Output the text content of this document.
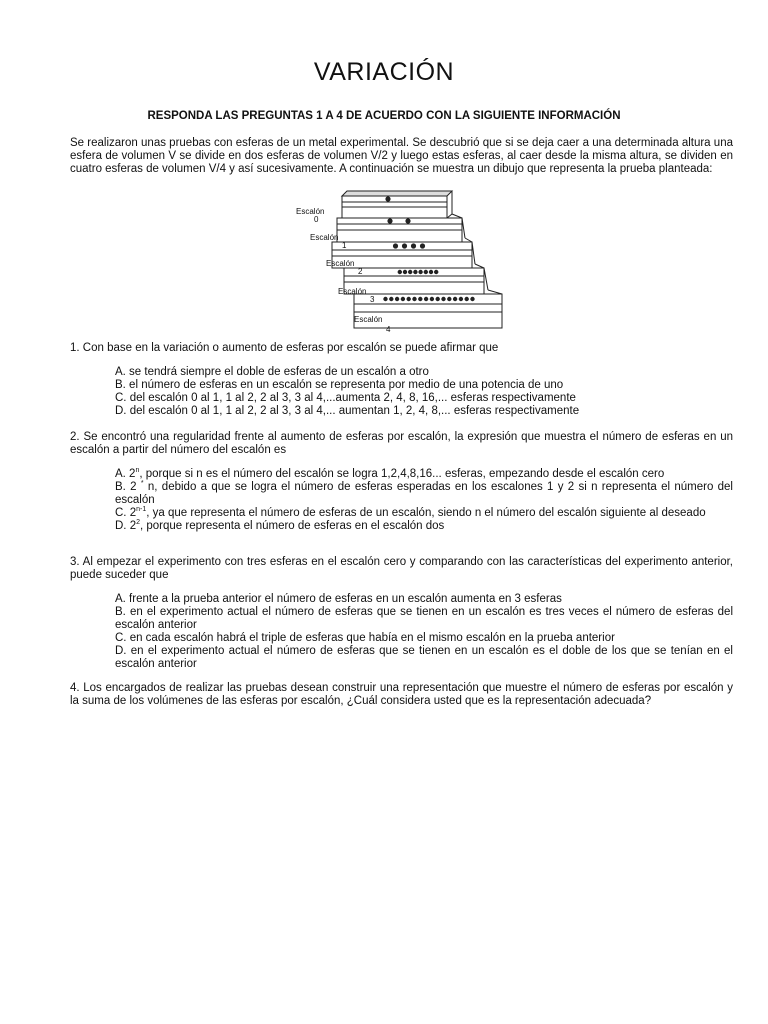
VARIACIÓN
RESPONDA LAS PREGUNTAS 1 A 4 DE ACUERDO CON LA SIGUIENTE INFORMACIÓN
Se realizaron unas pruebas con esferas de un metal experimental. Se descubrió que si se deja caer a una determinada altura una esfera de volumen V se divide en dos esferas de volumen V/2 y luego estas esferas, al caer desde la misma altura, se dividen en cuatro esferas de volumen V/4 y así sucesivamente. A continuación se muestra un dibujo que representa la prueba planteada:
Escalón
0
Escalón
1
Escalón
2
Escalón
3
Escalón
4
1. Con base en la variación o aumento de esferas por escalón se puede afirmar que
A. se tendrá siempre el doble de esferas de un escalón a otro
B. el número de esferas en un escalón se representa por medio de una potencia de uno
C. del escalón 0 al 1, 1 al 2, 2 al 3, 3 al 4,...aumenta 2, 4, 8, 16,... esferas respectivamente
D. del escalón 0 al 1, 1 al 2, 2 al 3, 3 al 4,... aumentan 1, 2, 4, 8,... esferas respectivamente
2. Se encontró una regularidad frente al aumento de esferas por escalón, la expresión que muestra el número de esferas en un escalón a partir del número del escalón es
A. 2$^n$, porque si n es el número del escalón se logra 1,2,4,8,16... esferas, empezando desde el escalón cero
B. 2 * n, debido a que se logra el número de esferas esperadas en los escalones 1 y 2 si n representa el número del escalón
C. 2$^{n-1}$, ya que representa el número de esferas de un escalón, siendo n el número del escalón siguiente al deseado
D. $2^2$, porque representa el número de esferas en el escalón dos
3. Al empezar el experimento con tres esferas en el escalón cero y comparando con las características del experimento anterior, puede suceder que
A. frente a la prueba anterior el número de esferas en un escalón aumenta en 3 esferas
B. en el experimento actual el número de esferas que se tienen en un escalón es tres veces el número de esferas del escalón anterior
C. en cada escalón habrá el triple de esferas que había en el mismo escalón en la prueba anterior
D. en el experimento actual el número de esferas que se tienen en un escalón es el doble de los que se tenían en el escalón anterior
4. Los encargados de realizar las pruebas desean construir una representación que muestre el número de esferas por escalón y la suma de los volúmenes de las esferas por escalón, ¿Cuál considera usted que es la representación adecuada?
